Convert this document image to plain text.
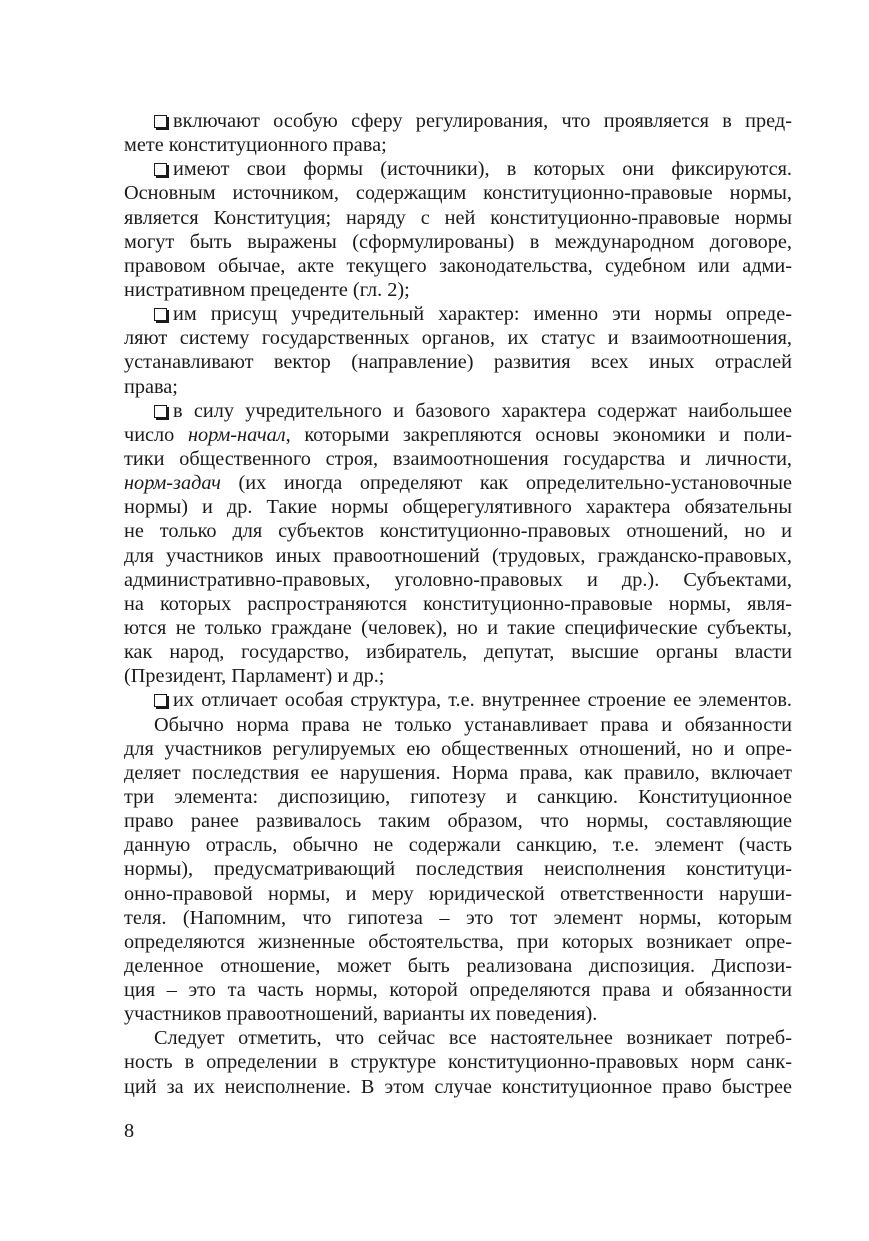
включают особую сферу регулирования, что проявляется в пред-
мете конституционного права;
имеют свои формы (источники), в которых они фиксируются.
Основным источником, содержащим конституционно-правовые нормы,
является Конституция; наряду с ней конституционно-правовые нормы
могут быть выражены (сформулированы) в международном договоре,
правовом обычае, акте текущего законодательства, судебном или адми-
нистративном прецеденте (гл. 2);
им присущ учредительный характер: именно эти нормы опреде-
ляют систему государственных органов, их статус и взаимоотношения,
устанавливают вектор (направление) развития всех иных отраслей
права;
в силу учредительного и базового характера содержат наибольшее
число норм-начал, которыми закрепляются основы экономики и поли-
тики общественного строя, взаимоотношения государства и личности,
норм-задач (их иногда определяют как определительно-установочные
нормы) и др. Такие нормы общерегулятивного характера обязательны
не только для субъектов конституционно-правовых отношений, но и
для участников иных правоотношений (трудовых, гражданско-правовых,
административно-правовых, уголовно-правовых и др.). Субъектами,
на которых распространяются конституционно-правовые нормы, явля-
ются не только граждане (человек), но и такие специфические субъекты,
как народ, государство, избиратель, депутат, высшие органы власти
(Президент, Парламент) и др.;
их отличает особая структура, т.е. внутреннее строение ее элементов.
Обычно норма права не только устанавливает права и обязанности
для участников регулируемых ею общественных отношений, но и опре-
деляет последствия ее нарушения. Норма права, как правило, включает
три элемента: диспозицию, гипотезу и санкцию. Конституционное
право ранее развивалось таким образом, что нормы, составляющие
данную отрасль, обычно не содержали санкцию, т.е. элемент (часть
нормы), предусматривающий последствия неисполнения конституци-
онно-правовой нормы, и меру юридической ответственности наруши-
теля. (Напомним, что гипотеза – это тот элемент нормы, которым
определяются жизненные обстоятельства, при которых возникает опре-
деленное отношение, может быть реализована диспозиция. Диспози-
ция – это та часть нормы, которой определяются права и обязанности
участников правоотношений, варианты их поведения).
Следует отметить, что сейчас все настоятельнее возникает потреб-
ность в определении в структуре конституционно-правовых норм санк-
ций за их неисполнение. В этом случае конституционное право быстрее
8
